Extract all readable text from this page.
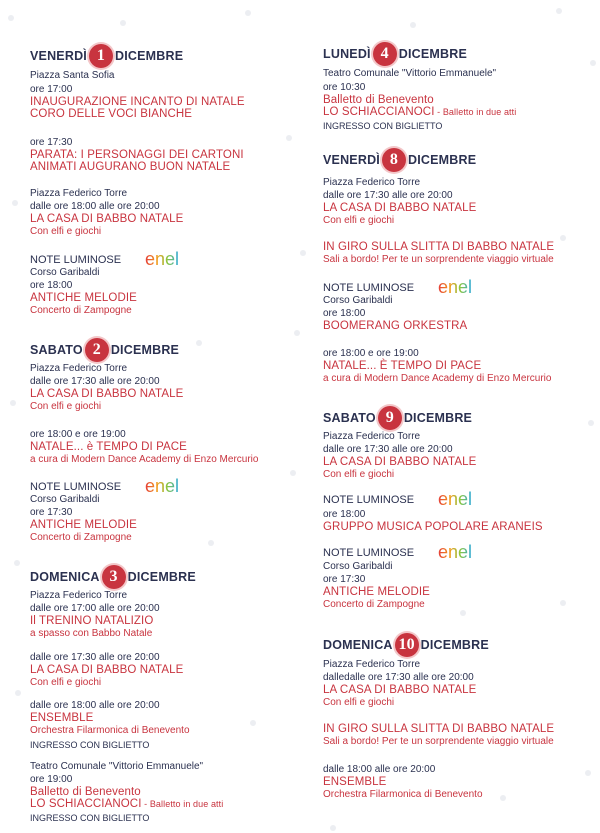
VENERDÌ 1 DICEMBRE
Piazza Santa Sofia
ore 17:00
INAUGURAZIONE INCANTO DI NATALE
CORO DELLE VOCI BIANCHE
ore 17:30
PARATA: I PERSONAGGI DEI CARTONI
ANIMATI AUGURANO BUON NATALE
Piazza Federico Torre
dalle ore 18:00 alle ore 20:00
LA CASA DI BABBO NATALE
Con elfi e giochi
NOTE LUMINOSE enel
Corso Garibaldi
ore 18:00
ANTICHE MELODIE
Concerto di Zampogne
SABATO 2 DICEMBRE
Piazza Federico Torre
dalle ore 17:30 alle ore 20:00
LA CASA DI BABBO NATALE
Con elfi e giochi
ore 18:00 e ore 19:00
NATALE... è TEMPO DI PACE
a cura di Modern Dance Academy di Enzo Mercurio
NOTE LUMINOSE enel
Corso Garibaldi
ore 17:30
ANTICHE MELODIE
Concerto di Zampogne
DOMENICA 3 DICEMBRE
Piazza Federico Torre
dalle ore 17:00 alle ore 20:00
Il TRENINO NATALIZIO
a spasso con Babbo Natale
dalle ore 17:30 alle ore 20:00
LA CASA DI BABBO NATALE
Con elfi e giochi
dalle ore 18:00 alle ore 20:00
ENSEMBLE
Orchestra Filarmonica di Benevento
INGRESSO CON BIGLIETTO
Teatro Comunale "Vittorio Emmanuele"
ore 19:00
Balletto di Benevento
LO SCHIACCIANOCI - Balletto in due atti
INGRESSO CON BIGLIETTO
LUNEDÌ 4 DICEMBRE
Teatro Comunale "Vittorio Emmanuele"
ore 10:30
Balletto di Benevento
LO SCHIACCIANOCI - Balletto in due atti
INGRESSO CON BIGLIETTO
VENERDÌ 8 DICEMBRE
Piazza Federico Torre
dalle ore 17:30 alle ore 20:00
LA CASA DI BABBO NATALE
Con elfi e giochi
IN GIRO SULLA SLITTA DI BABBO NATALE
Sali a bordo! Per te un sorprendente viaggio virtuale
NOTE LUMINOSE enel
Corso Garibaldi
ore 18:00
BOOMERANG ORKESTRA
ore 18:00 e ore 19:00
NATALE... È TEMPO DI PACE
a cura di Modern Dance Academy di Enzo Mercurio
SABATO 9 DICEMBRE
Piazza Federico Torre
dalle ore 17:30 alle ore 20:00
LA CASA DI BABBO NATALE
Con elfi e giochi
NOTE LUMINOSE enel
ore 18:00
GRUPPO MUSICA POPOLARE ARANEIS
NOTE LUMINOSE enel
Corso Garibaldi
ore 17:30
ANTICHE MELODIE
Concerto di Zampogne
DOMENICA 10 DICEMBRE
Piazza Federico Torre
dalledalle ore 17:30 alle ore 20:00
LA CASA DI BABBO NATALE
Con elfi e giochi
IN GIRO SULLA SLITTA DI BABBO NATALE
Sali a bordo! Per te un sorprendente viaggio virtuale
dalle 18:00 alle ore 20:00
ENSEMBLE
Orchestra Filarmonica di Benevento
